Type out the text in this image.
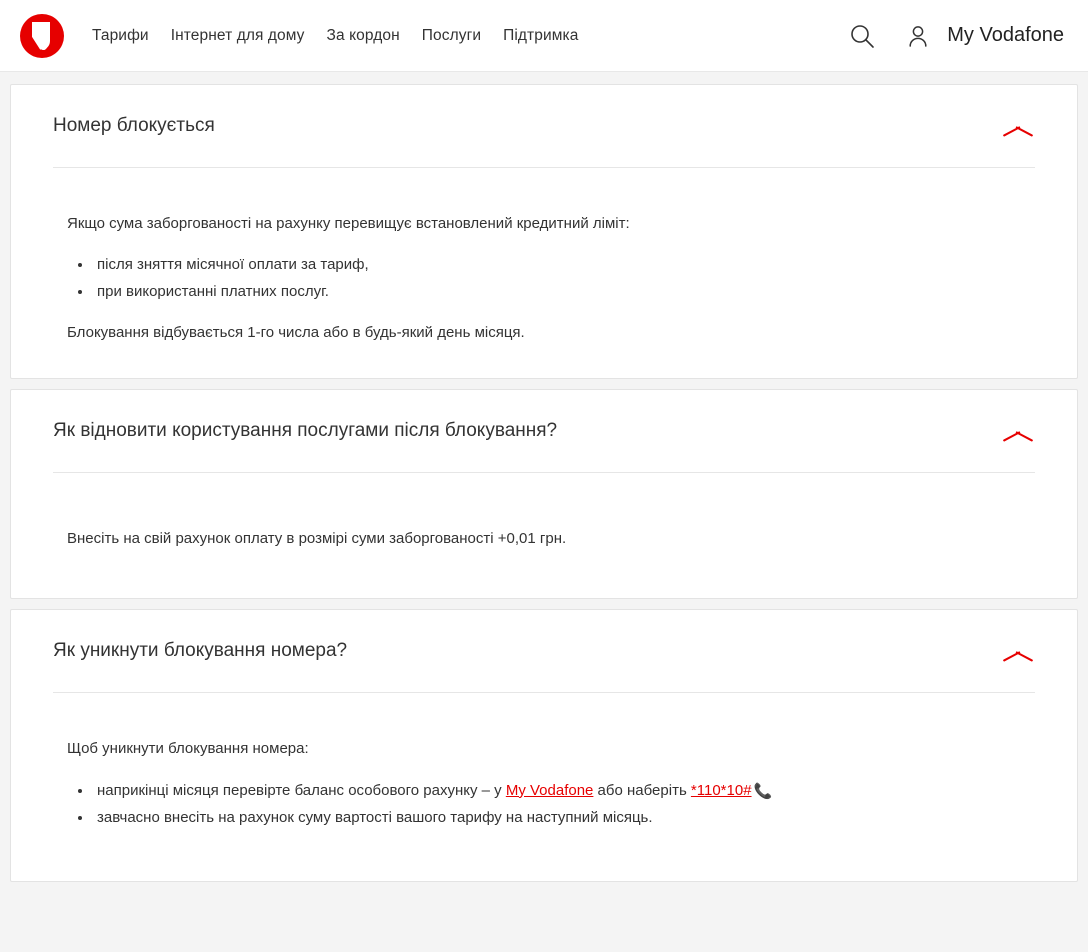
Тарифи Інтернет для дому За кордон Послуги Підтримка	My Vodafone
Номер блокується

Якщо сума заборгованості на рахунку перевищує встановлений кредитний ліміт:

• після зняття місячної оплати за тариф,
• при використанні платних послуг.

Блокування відбувається 1-го числа або в будь-який день місяця.

Як відновити користування послугами після блокування?

Внесіть на свій рахунок оплату в розмірі суми заборгованості +0,01 грн.

Як уникнути блокування номера?

Щоб уникнути блокування номера:

• наприкінці місяця перевірте баланс особового рахунку – у My Vodafone або наберіть *110*10# 📞
• завчасно внесіть на рахунок суму вартості вашого тарифу на наступний місяць.
